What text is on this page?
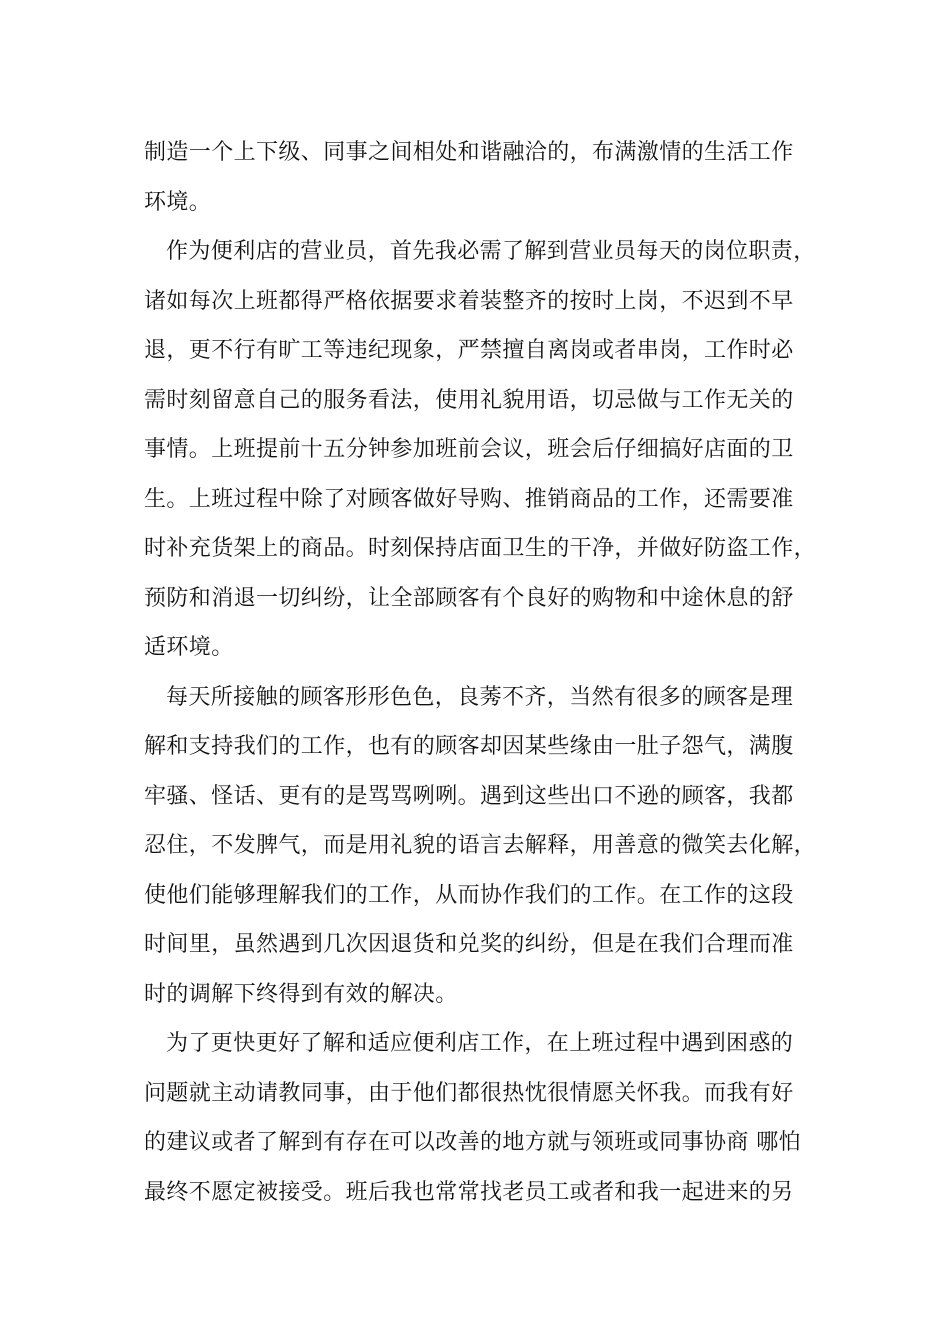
制造一个上下级、同事之间相处和谐融洽的，布满激情的生活工作
环境。
作为便利店的营业员，首先我必需了解到营业员每天的岗位职责，
诸如每次上班都得严格依据要求着装整齐的按时上岗，不迟到不早
退，更不行有旷工等违纪现象，严禁擅自离岗或者串岗，工作时必
需时刻留意自己的服务看法，使用礼貌用语，切忌做与工作无关的
事情。上班提前十五分钟参加班前会议，班会后仔细搞好店面的卫
生。上班过程中除了对顾客做好导购、推销商品的工作，还需要准
时补充货架上的商品。时刻保持店面卫生的干净，并做好防盗工作，
预防和消退一切纠纷，让全部顾客有个良好的购物和中途休息的舒
适环境。
每天所接触的顾客形形色色，良莠不齐，当然有很多的顾客是理
解和支持我们的工作，也有的顾客却因某些缘由一肚子怨气，满腹
牢骚、怪话、更有的是骂骂咧咧。遇到这些出口不逊的顾客，我都
忍住，不发脾气，而是用礼貌的语言去解释，用善意的微笑去化解，
使他们能够理解我们的工作，从而协作我们的工作。在工作的这段
时间里，虽然遇到几次因退货和兑奖的纠纷，但是在我们合理而准
时的调解下终得到有效的解决。
为了更快更好了解和适应便利店工作，在上班过程中遇到困惑的
问题就主动请教同事，由于他们都很热忱很情愿关怀我。而我有好
的建议或者了解到有存在可以改善的地方就与领班或同事协商 哪怕
最终不愿定被接受。班后我也常常找老员工或者和我一起进来的另
